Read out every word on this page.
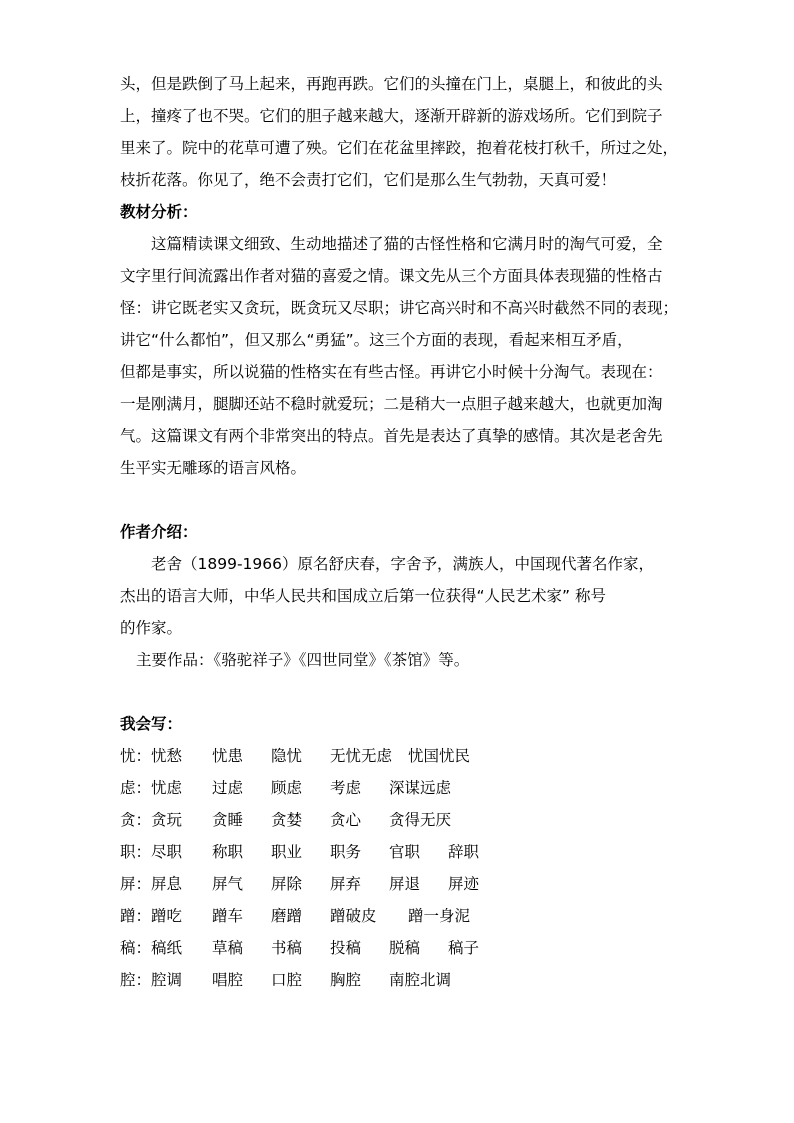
头，但是跌倒了马上起来，再跑再跌。它们的头撞在门上，桌腿上，和彼此的头

上，撞疼了也不哭。它们的胆子越来越大，逐渐开辟新的游戏场所。它们到院子

里来了。院中的花草可遭了殃。它们在花盆里摔跤，抱着花枝打秋千，所过之处，

枝折花落。你见了，绝不会责打它们，它们是那么生气勃勃，天真可爱！

教材分析：

这篇精读课文细致、生动地描述了猫的古怪性格和它满月时的淘气可爱，全

文字里行间流露出作者对猫的喜爱之情。课文先从三个方面具体表现猫的性格古

怪：讲它既老实又贪玩，既贪玩又尽职；讲它高兴时和不高兴时截然不同的表现；

讲它“什么都怕”，但又那么“勇猛”。这三个方面的表现，看起来相互矛盾，

但都是事实，所以说猫的性格实在有些古怪。再讲它小时候十分淘气。表现在：

一是刚满月，腿脚还站不稳时就爱玩；二是稍大一点胆子越来越大，也就更加淘

气。这篇课文有两个非常突出的特点。首先是表达了真挚的感情。其次是老舍先

生平实无雕琢的语言风格。

作者介绍：

老舍（1899-1966）原名舒庆春，字舍予，满族人，中国现代著名作家，

杰出的语言大师，中华人民共和国成立后第一位获得“人民艺术家” 称号

的作家。

主要作品：《骆驼祥子》《四世同堂》《茶馆》等。

我会写：

忧：忧愁	忧患	隐忧	无忧无虑	忧国忧民
虑：忧虑	过虑	顾虑	考虑	深谋远虑
贪：贪玩	贪睡	贪婪	贪心	贪得无厌
职：尽职	称职	职业	职务	官职	辞职
屏：屏息	屏气	屏除	屏弃	屏退	屏迹
蹭：蹭吃	蹭车	磨蹭	蹭破皮	蹭一身泥
稿：稿纸	草稿	书稿	投稿	脱稿	稿子
腔：腔调	唱腔	口腔	胸腔	南腔北调
